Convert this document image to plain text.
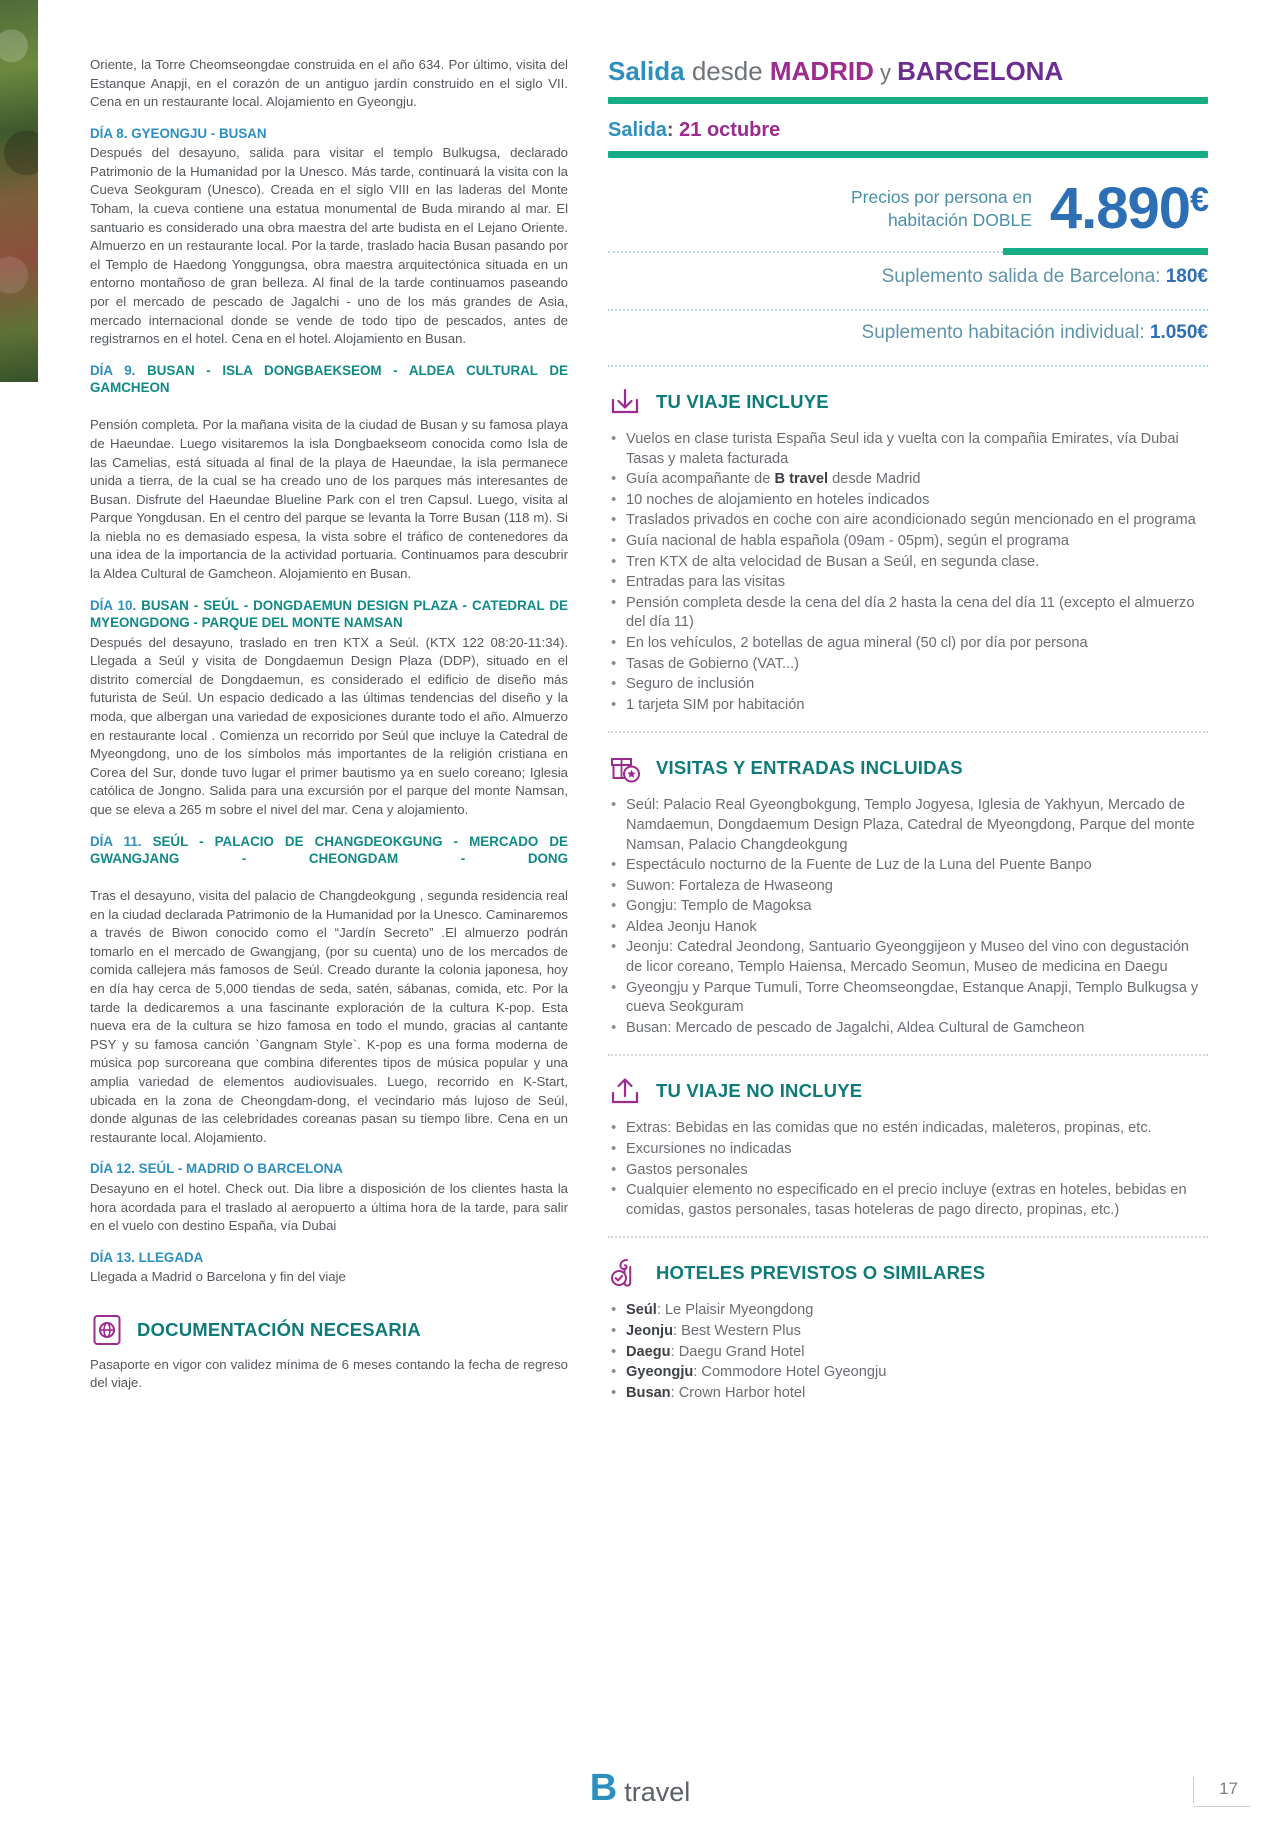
Oriente, la Torre Cheomseongdae construida en el año 634. Por último, visita del Estanque Anapji, en el corazón de un antiguo jardín construido en el siglo VII. Cena en un restaurante local. Alojamiento en Gyeongju.

DÍA 8. GYEONGJU - BUSAN

Después del desayuno, salida para visitar el templo Bulkugsa, declarado Patrimonio de la Humanidad por la Unesco. Más tarde, continuará la visita con la Cueva Seokguram (Unesco). Creada en el siglo VIII en las laderas del Monte Toham, la cueva contiene una estatua monumental de Buda mirando al mar. El santuario es considerado una obra maestra del arte budista en el Lejano Oriente. Almuerzo en un restaurante local. Por la tarde, traslado hacia Busan pasando por el Templo de Haedong Yonggungsa, obra maestra arquitectónica situada en un entorno montañoso de gran belleza. Al final de la tarde continuamos paseando por el mercado de pescado de Jagalchi - uno de los más grandes de Asia, mercado internacional donde se vende de todo tipo de pescados, antes de registrarnos en el hotel. Cena en el hotel. Alojamiento en Busan.

DÍA 9. BUSAN - ISLA DONGBAEKSEOM - ALDEA CULTURAL DE GAMCHEON

Pensión completa. Por la mañana visita de la ciudad de Busan y su famosa playa de Haeundae. Luego visitaremos la isla Dongbaekseom conocida como Isla de las Camelias, está situada al final de la playa de Haeundae, la isla permanece unida a tierra, de la cual se ha creado uno de los parques más interesantes de Busan. Disfrute del Haeundae Blueline Park con el tren Capsul. Luego, visita al Parque Yongdusan. En el centro del parque se levanta la Torre Busan (118 m). Si la niebla no es demasiado espesa, la vista sobre el tráfico de contenedores da una idea de la importancia de la actividad portuaria. Continuamos para descubrir la Aldea Cultural de Gamcheon. Alojamiento en Busan.

DÍA 10. BUSAN - SEÚL - DONGDAEMUN DESIGN PLAZA - CATEDRAL DE MYEONGDONG - PARQUE DEL MONTE NAMSAN

Después del desayuno, traslado en tren KTX a Seúl. (KTX 122 08:20-11:34). Llegada a Seúl y visita de Dongdaemun Design Plaza (DDP), situado en el distrito comercial de Dongdaemun, es considerado el edificio de diseño más futurista de Seúl. Un espacio dedicado a las últimas tendencias del diseño y la moda, que albergan una variedad de exposiciones durante todo el año. Almuerzo en restaurante local . Comienza un recorrido por Seúl que incluye la Catedral de Myeongdong, uno de los símbolos más importantes de la religión cristiana en Corea del Sur, donde tuvo lugar el primer bautismo ya en suelo coreano; Iglesia católica de Jongno. Salida para una excursión por el parque del monte Namsan, que se eleva a 265 m sobre el nivel del mar. Cena y alojamiento.

DÍA 11. SEÚL - PALACIO DE CHANGDEOKGUNG - MERCADO DE GWANGJANG - CHEONGDAM - DONG

Tras el desayuno, visita del palacio de Changdeokgung , segunda residencia real en la ciudad declarada Patrimonio de la Humanidad por la Unesco. Caminaremos a través de Biwon conocido como el “Jardín Secreto” .El almuerzo podrán tomarlo en el mercado de Gwangjang, (por su cuenta) uno de los mercados de comida callejera más famosos de Seúl. Creado durante la colonia japonesa, hoy en día hay cerca de 5,000 tiendas de seda, satén, sábanas, comida, etc. Por la tarde la dedicaremos a una fascinante exploración de la cultura K-pop. Esta nueva era de la cultura se hizo famosa en todo el mundo, gracias al cantante PSY y su famosa canción `Gangnam Style`. K-pop es una forma moderna de música pop surcoreana que combina diferentes tipos de música popular y una amplia variedad de elementos audiovisuales. Luego, recorrido en K-Start, ubicada en la zona de Cheongdam-dong, el vecindario más lujoso de Seúl, donde algunas de las celebridades coreanas pasan su tiempo libre. Cena en un restaurante local. Alojamiento.

DÍA 12. SEÚL - MADRID O BARCELONA

Desayuno en el hotel. Check out. Dia libre a disposición de los clientes hasta la hora acordada para el traslado al aeropuerto a última hora de la tarde, para salir en el vuelo con destino España, vía Dubai

DÍA 13. LLEGADA

Llegada a Madrid o Barcelona y fin del viaje

DOCUMENTACIÓN NECESARIA

Pasaporte en vigor con validez mínima de 6 meses contando la fecha de regreso del viaje.

Salida desde MADRID y BARCELONA

Salida: 21 octubre

Precios por persona en
habitación DOBLE 4.890€

Suplemento salida de Barcelona: 180€

Suplemento habitación individual: 1.050€

TU VIAJE INCLUYE
• Vuelos en clase turista España Seul ida y vuelta con la compañia Emirates, vía Dubai Tasas y maleta facturada
• Guía acompañante de B travel desde Madrid
• 10 noches de alojamiento en hoteles indicados
• Traslados privados en coche con aire acondicionado según mencionado en el programa
• Guía nacional de habla española (09am - 05pm), según el programa
• Tren KTX de alta velocidad de Busan a Seúl, en segunda clase.
• Entradas para las visitas
• Pensión completa desde la cena del día 2 hasta la cena del día 11 (excepto el almuerzo del día 11)
• En los vehículos, 2 botellas de agua mineral (50 cl) por día por persona
• Tasas de Gobierno (VAT...)
• Seguro de inclusión
• 1 tarjeta SIM por habitación
VISITAS Y ENTRADAS INCLUIDAS
• Seúl: Palacio Real Gyeongbokgung, Templo Jogyesa, Iglesia de Yakhyun, Mercado de Namdaemun, Dongdaemum Design Plaza, Catedral de Myeongdong, Parque del monte Namsan, Palacio Changdeokgung
• Espectáculo nocturno de la Fuente de Luz de la Luna del Puente Banpo
• Suwon: Fortaleza de Hwaseong
• Gongju: Templo de Magoksa
• Aldea Jeonju Hanok
• Jeonju: Catedral Jeondong, Santuario Gyeonggijeon y Museo del vino con degustación de licor coreano, Templo Haiensa, Mercado Seomun, Museo de medicina en Daegu
• Gyeongju y Parque Tumuli, Torre Cheomseongdae, Estanque Anapji, Templo Bulkugsa y cueva Seokguram
• Busan: Mercado de pescado de Jagalchi, Aldea Cultural de Gamcheon
TU VIAJE NO INCLUYE
• Extras: Bebidas en las comidas que no estén indicadas, maleteros, propinas, etc.
• Excursiones no indicadas
• Gastos personales
• Cualquier elemento no especificado en el precio incluye (extras en hoteles, bebidas en comidas, gastos personales, tasas hoteleras de pago directo, propinas, etc.)
HOTELES PREVISTOS O SIMILARES
• Seúl: Le Plaisir Myeongdong
• Jeonju: Best Western Plus
• Daegu: Daegu Grand Hotel
• Gyeongju: Commodore Hotel Gyeongju
• Busan: Crown Harbor hotel
B travel	17
